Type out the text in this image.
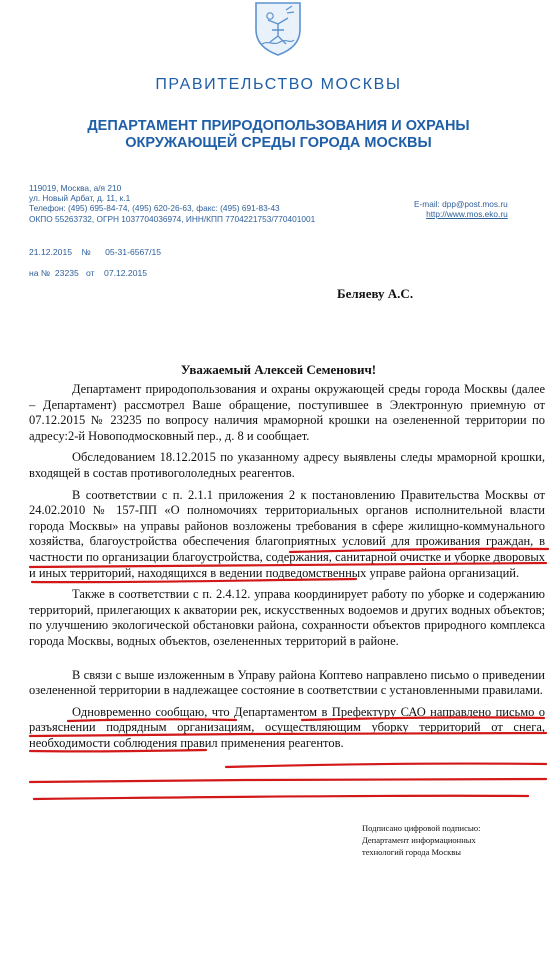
ПРАВИТЕЛЬСТВО МОСКВЫ
ДЕПАРТАМЕНТ ПРИРОДОПОЛЬЗОВАНИЯ И ОХРАНЫ
ОКРУЖАЮЩЕЙ СРЕДЫ ГОРОДА МОСКВЫ
119019, Москва, а/я 210
ул. Новый Арбат, д. 11, к.1
Телефон: (495) 695-84-74, (495) 620-26-63, факс: (495) 691-83-43
ОКПО 55263732, ОГРН 1037704036974, ИНН/КПП 7704221753/770401001
E-mail: dpp@post.mos.ru
http://www.mos.eko.ru
21.12.2015    №      05-31-6567/15
на №  23235   от    07.12.2015
Беляеву А.С.
Уважаемый Алексей Семенович!

Департамент природопользования и охраны окружающей среды города Москвы (далее – Департамент) рассмотрел Ваше обращение, поступившее в Электронную приемную от 07.12.2015 № 23235 по вопросу наличия мраморной крошки на озелененной территории по адресу:2-й Новоподмосковный пер., д. 8 и сообщает.

Обследованием 18.12.2015 по указанному адресу выявлены следы мраморной крошки, входящей в состав противогололедных реагентов.

В соответствии с п. 2.1.1 приложения 2 к постановлению Правительства Москвы от 24.02.2010 № 157-ПП «О полномочиях территориальных органов исполнительной власти города Москвы» на управы районов возложены требования в сфере жилищно-коммунального хозяйства, благоустройства обеспечения благоприятных условий для проживания граждан, в частности по организации благоустройства, содержания, санитарной очистке и уборке дворовых и иных территорий, находящихся в ведении подведомственных управе района организаций.

Также в соответствии с п. 2.4.12. управа координирует работу по уборке и содержанию территорий, прилегающих к акватории рек, искусственных водоемов и других водных объектов; по улучшению экологической обстановки района, сохранности объектов природного комплекса города Москвы, водных объектов, озелененных территорий в районе.

В связи с выше изложенным в Управу района Коптево направлено письмо о приведении озелененной территории в надлежащее состояние в соответствии с установленными правилами.

Одновременно сообщаю, что Департаментом в Префектуру САО направлено письмо о разъяснении подрядным организациям, осуществляющим уборку территорий от снега, необходимости соблюдения правил применения реагентов.

Подписано цифровой подписью:
Департамент информационных
технологий города Москвы
